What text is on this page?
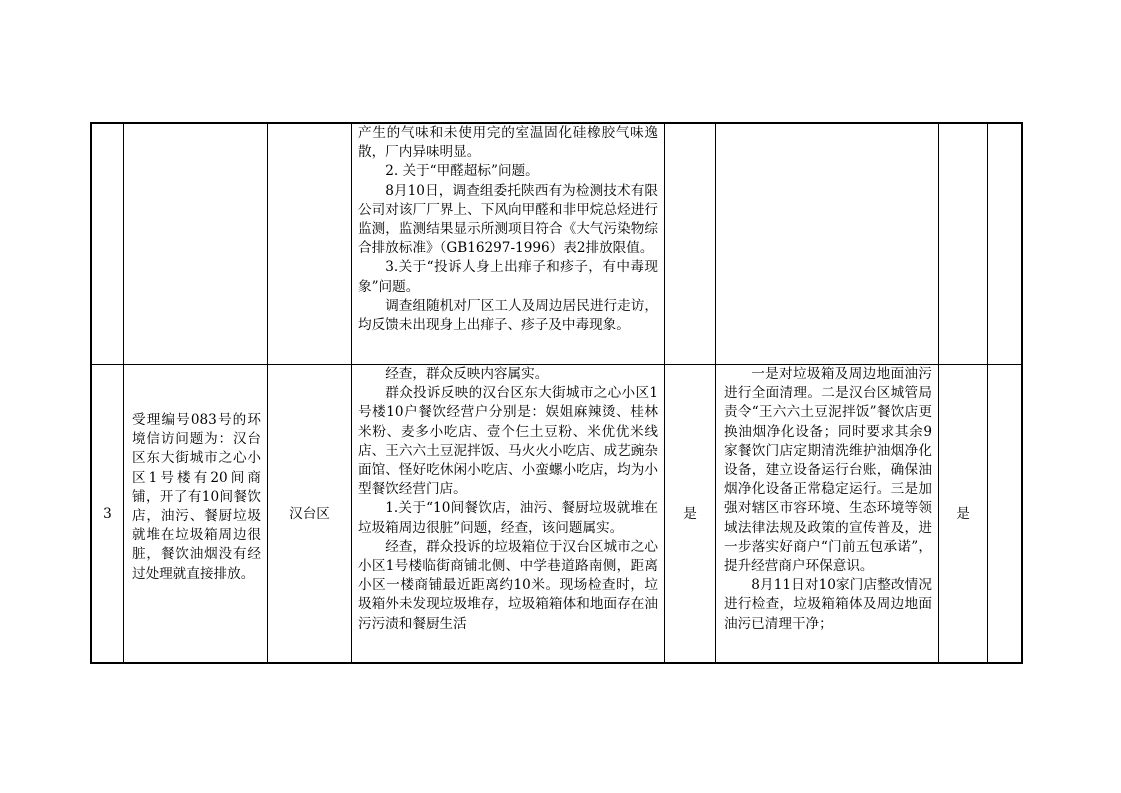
产生的气味和未使用完的室温固化硅橡胶气味逸散，厂内异味明显。

2. 关于“甲醛超标”问题。

8月10日，调查组委托陕西有为检测技术有限公司对该厂厂界上、下风向甲醛和非甲烷总烃进行监测，监测结果显示所测项目符合《大气污染物综合排放标准》（GB16297-1996）表2排放限值。

3.关于“投诉人身上出痱子和疹子，有中毒现象”问题。

调查组随机对厂区工人及周边居民进行走访，均反馈未出现身上出痱子、疹子及中毒现象。

3

受理编号083号的环境信访问题为：汉台区东大街城市之心小区1号楼有20间商铺，开了有10间餐饮店，油污、餐厨垃圾就堆在垃圾箱周边很脏，餐饮油烟没有经过处理就直接排放。

汉台区

经查，群众反映内容属实。

群众投诉反映的汉台区东大街城市之心小区1号楼10户餐饮经营户分别是：娱姐麻辣烫、桂林米粉、麦多小吃店、壹个仨土豆粉、米优优米线店、王六六土豆泥拌饭、马火火小吃店、成艺豌杂面馆、怪好吃休闲小吃店、小蛮螺小吃店，均为小型餐饮经营门店。

1.关于“10间餐饮店，油污、餐厨垃圾就堆在垃圾箱周边很脏”问题，经查，该问题属实。

经查，群众投诉的垃圾箱位于汉台区城市之心小区1号楼临街商铺北侧、中学巷道路南侧，距离小区一楼商铺最近距离约10米。现场检查时，垃圾箱外未发现垃圾堆存，垃圾箱箱体和地面存在油污污渍和餐厨生活

是

一是对垃圾箱及周边地面油污进行全面清理。二是汉台区城管局责令“王六六土豆泥拌饭”餐饮店更换油烟净化设备；同时要求其余9家餐饮门店定期清洗维护油烟净化设备，建立设备运行台账，确保油烟净化设备正常稳定运行。三是加强对辖区市容环境、生态环境等领域法律法规及政策的宣传普及，进一步落实好商户“门前五包承诺”，提升经营商户环保意识。

8月11日对10家门店整改情况进行检查，垃圾箱箱体及周边地面油污已清理干净；

是
